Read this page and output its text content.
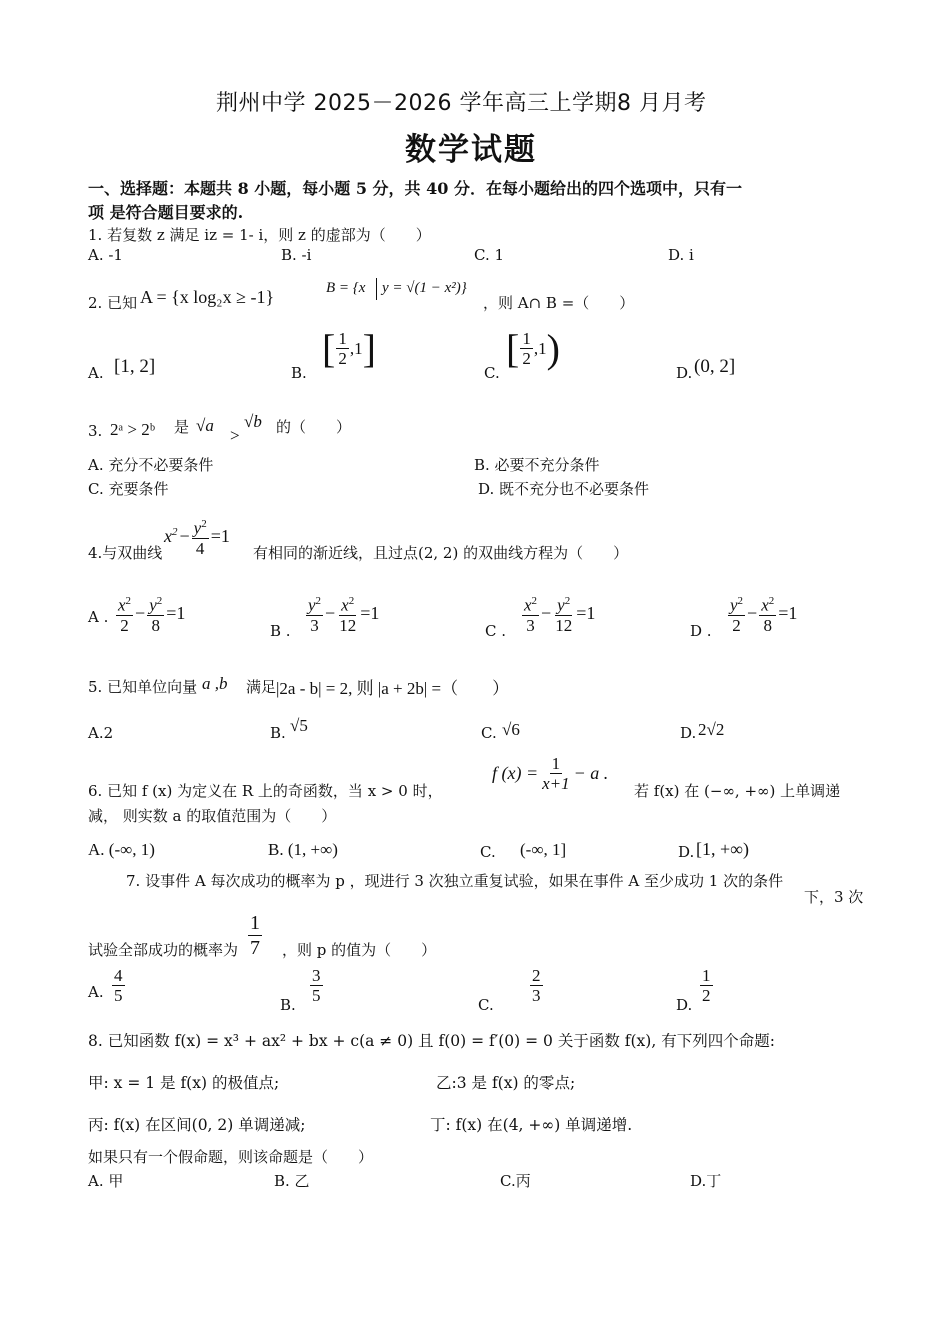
荆州中学 2025－2026 学年高三上学期8 月月考
数学试题
一、选择题：本题共 8 小题，每小题 5 分，共 40 分．在每小题给出的四个选项中，只有一
项 是符合题目要求的.
1. 若复数 z 满足 iz = 1- i，则 z 的虚部为（　　）
A. -1	B. -i	C. 1	D. i
2. 已知 A = {x log₂x ≥ -1}	B = {x y = √(1 − x²)}
，则 A∩ B =（　　）
A. [1, 2]	B.
[ $\frac{1}{2} ,1$ ]
C.
[ $\frac{1}{2} ,1$ )
D. (0, 2]
3. 2ᵃ > 2ᵇ 是 √a
>
√b 的（　　）
A. 充分不必要条件	B. 必要不充分条件
C. 充要条件	D. 既不充分也不必要条件
4.与双曲线
$x^2 - \frac{y^2}{4} =1$
有相同的渐近线，且过点(2, 2) 的双曲线方程为（　　）
A . $\frac{x^2}{2} - \frac{y^2}{8} =1$
B . $\frac{y^2}{3} - \frac{x^2}{12} =1$
C . $\frac{x^2}{3} - \frac{y^2}{12} =1$
D . $\frac{y^2}{2} - \frac{x^2}{8} =1$
5. 已知单位向量 a ,b 满足 |2a - b| = 2, 则 |a + 2b| =（　　）
A.2	B. √5	C. √6	D. 2√2
6. 已知 f (x) 为定义在 R 上的奇函数，当 x > 0 时，
f $(x) = \frac{1}{x+1} - a$ .
若 f(x) 在 (−∞, +∞) 上单调递
减， 则实数 a 的取值范围为（　　）
A. (-∞, 1)	B. (1, +∞)	C. (-∞, 1]	D. [1, +∞)
7. 设事件 A 每次成功的概率为 p ，现进行 3 次独立重复试验，如果在事件 A 至少成功 1 次的条件
下，3 次
试验全部成功的概率为 $\frac{1}{7}$ ，则 p 的值为（　　）
A. $\frac{4}{5}$	B. $\frac{3}{5}$	C. $\frac{2}{3}$	D. $\frac{1}{2}$
8. 已知函数 f(x) = x³ + ax² + bx + c(a ≠ 0) 且 f(0) = f′(0) = 0 关于函数 f(x), 有下列四个命题:
甲: x = 1 是 f(x) 的极值点;	乙:3 是 f(x) 的零点;
丙: f(x) 在区间(0, 2) 单调递减;	丁: f(x) 在(4, +∞) 单调递增.
如果只有一个假命题，则该命题是（　　）
A. 甲	B. 乙	C.丙	D.丁
